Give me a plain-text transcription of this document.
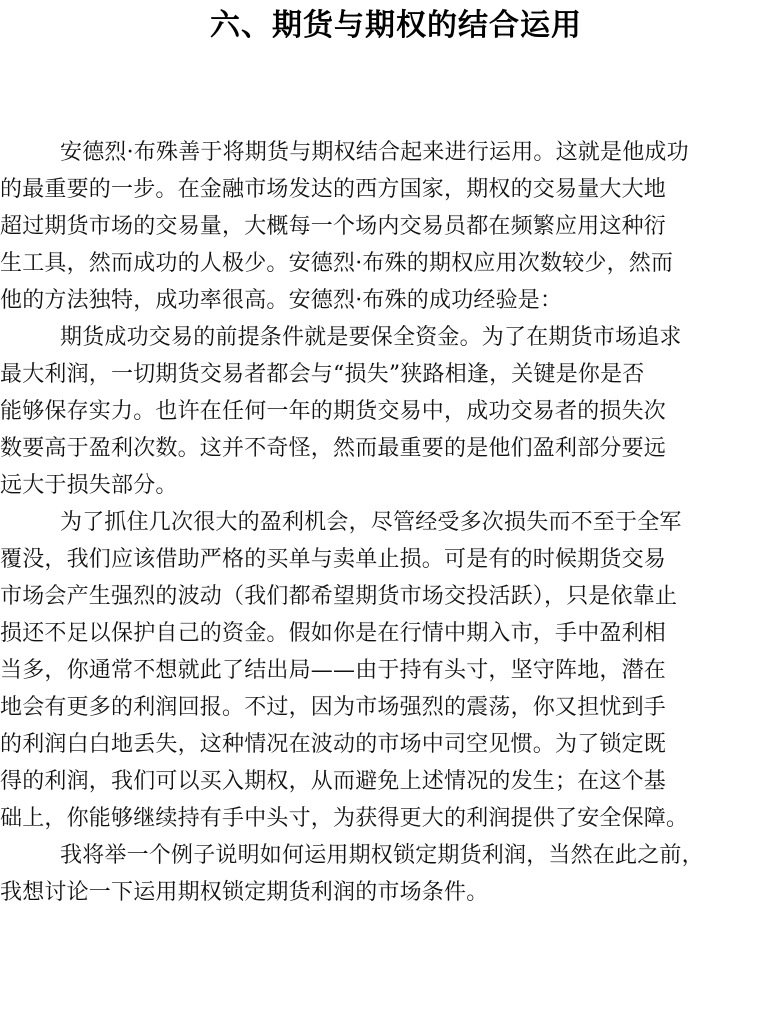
六、期货与期权的结合运用

安德烈·布殊善于将期货与期权结合起来进行运用。这就是他成功
的最重要的一步。在金融市场发达的西方国家，期权的交易量大大地
超过期货市场的交易量，大概每一个场内交易员都在频繁应用这种衍
生工具，然而成功的人极少。安德烈·布殊的期权应用次数较少，然而
他的方法独特，成功率很高。安德烈·布殊的成功经验是：

期货成功交易的前提条件就是要保全资金。为了在期货市场追求
最大利润，一切期货交易者都会与“损失”狭路相逢，关键是你是否
能够保存实力。也许在任何一年的期货交易中，成功交易者的损失次
数要高于盈利次数。这并不奇怪，然而最重要的是他们盈利部分要远
远大于损失部分。

为了抓住几次很大的盈利机会，尽管经受多次损失而不至于全军
覆没，我们应该借助严格的买单与卖单止损。可是有的时候期货交易
市场会产生强烈的波动（我们都希望期货市场交投活跃），只是依靠止
损还不足以保护自己的资金。假如你是在行情中期入市，手中盈利相
当多，你通常不想就此了结出局——由于持有头寸，坚守阵地，潜在
地会有更多的利润回报。不过，因为市场强烈的震荡，你又担忧到手
的利润白白地丢失，这种情况在波动的市场中司空见惯。为了锁定既
得的利润，我们可以买入期权，从而避免上述情况的发生；在这个基
础上，你能够继续持有手中头寸，为获得更大的利润提供了安全保障。

我将举一个例子说明如何运用期权锁定期货利润，当然在此之前，
我想讨论一下运用期权锁定期货利润的市场条件。
